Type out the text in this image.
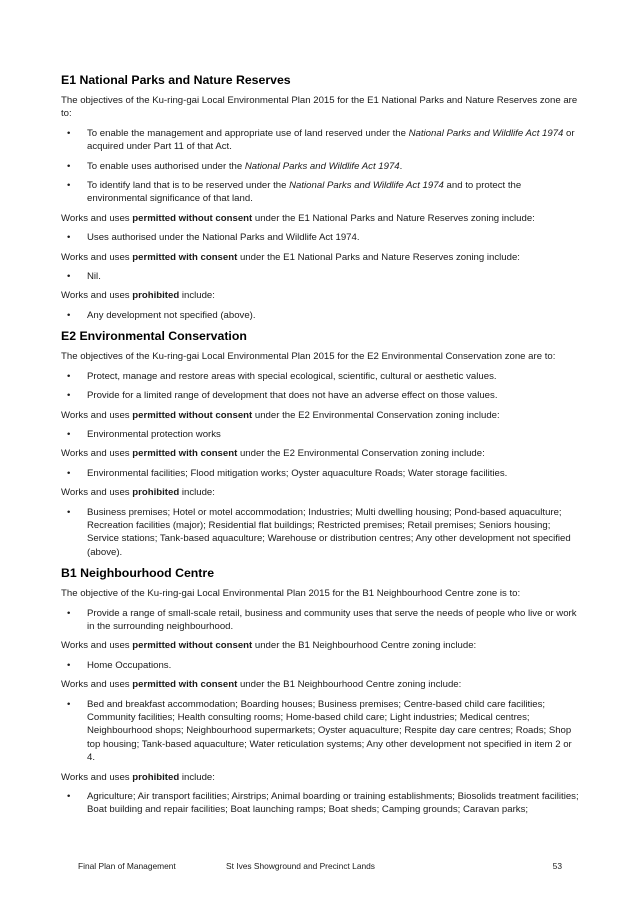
E1 National Parks and Nature Reserves

The objectives of the Ku-ring-gai Local Environmental Plan 2015 for the E1 National Parks and Nature Reserves zone are to:

• To enable the management and appropriate use of land reserved under the National Parks and Wildlife Act 1974 or acquired under Part 11 of that Act.
• To enable uses authorised under the National Parks and Wildlife Act 1974.
• To identify land that is to be reserved under the National Parks and Wildlife Act 1974 and to protect the environmental significance of that land.

Works and uses permitted without consent under the E1 National Parks and Nature Reserves zoning include:

• Uses authorised under the National Parks and Wildlife Act 1974.

Works and uses permitted with consent under the E1 National Parks and Nature Reserves zoning include:

• Nil.

Works and uses prohibited include:

• Any development not specified (above).
E2 Environmental Conservation

The objectives of the Ku-ring-gai Local Environmental Plan 2015 for the E2 Environmental Conservation zone are to:

• Protect, manage and restore areas with special ecological, scientific, cultural or aesthetic values.
• Provide for a limited range of development that does not have an adverse effect on those values.

Works and uses permitted without consent under the E2 Environmental Conservation zoning include:

• Environmental protection works

Works and uses permitted with consent under the E2 Environmental Conservation zoning include:

• Environmental facilities; Flood mitigation works; Oyster aquaculture Roads; Water storage facilities.

Works and uses prohibited include:

• Business premises; Hotel or motel accommodation; Industries; Multi dwelling housing; Pond-based aquaculture; Recreation facilities (major); Residential flat buildings; Restricted premises; Retail premises; Seniors housing; Service stations; Tank-based aquaculture; Warehouse or distribution centres; Any other development not specified (above).
B1 Neighbourhood Centre

The objective of the Ku-ring-gai Local Environmental Plan 2015 for the B1 Neighbourhood Centre zone is to:

• Provide a range of small-scale retail, business and community uses that serve the needs of people who live or work in the surrounding neighbourhood.

Works and uses permitted without consent under the B1 Neighbourhood Centre zoning include:

• Home Occupations.

Works and uses permitted with consent under the B1 Neighbourhood Centre zoning include:

• Bed and breakfast accommodation; Boarding houses; Business premises; Centre-based child care facilities; Community facilities; Health consulting rooms; Home-based child care; Light industries; Medical centres; Neighbourhood shops; Neighbourhood supermarkets; Oyster aquaculture; Respite day care centres; Roads; Shop top housing; Tank-based aquaculture; Water reticulation systems; Any other development not specified in item 2 or 4.

Works and uses prohibited include:

• Agriculture; Air transport facilities; Airstrips; Animal boarding or training establishments; Biosolids treatment facilities; Boat building and repair facilities; Boat launching ramps; Boat sheds; Camping grounds; Caravan parks;
Final Plan of Management	St Ives Showground and Precinct Lands	53
